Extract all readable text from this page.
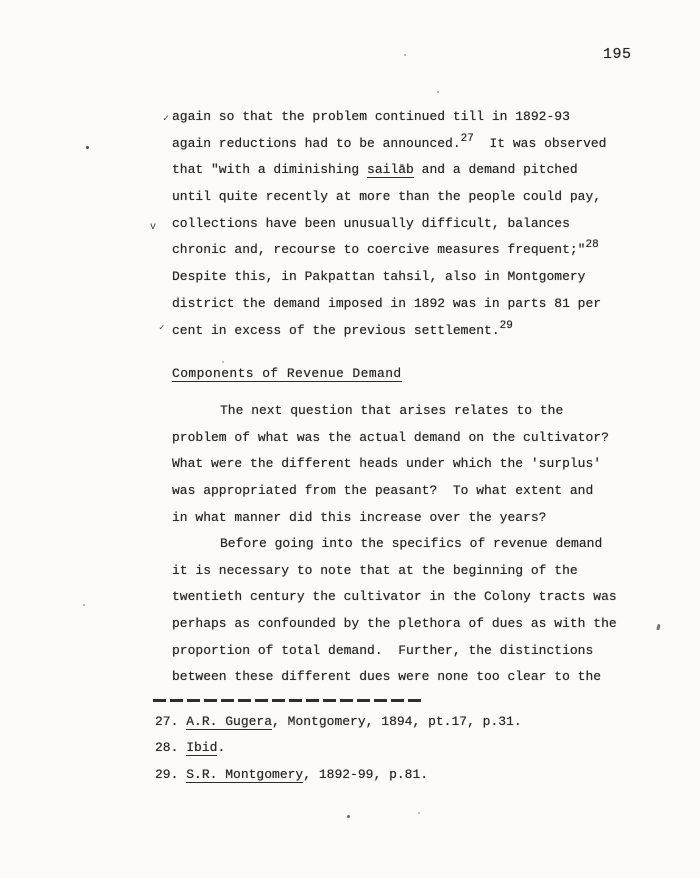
195
✓ again so that the problem continued till in 1892-93
again reductions had to be announced.$^{27}$  It was observed
that "with a diminishing sailāb and a demand pitched
until quite recently at more than the people could pay,
v collections have been unusually difficult, balances
chronic and, recourse to coercive measures frequent;"$^{28}$
Despite this, in Pakpattan tahsil, also in Montgomery
district the demand imposed in 1892 was in parts 81 per
✓ cent in excess of the previous settlement.$^{29}$
Components of Revenue Demand
The next question that arises relates to the
problem of what was the actual demand on the cultivator?
What were the different heads under which the 'surplus'
was appropriated from the peasant?  To what extent and
in what manner did this increase over the years?
Before going into the specifics of revenue demand
it is necessary to note that at the beginning of the
twentieth century the cultivator in the Colony tracts was
perhaps as confounded by the plethora of dues as with the
proportion of total demand.  Further, the distinctions
between these different dues were none too clear to the
27. A.R. Gugera, Montgomery, 1894, pt.17, p.31.
28. Ibid.
29. S.R. Montgomery, 1892-99, p.81.
